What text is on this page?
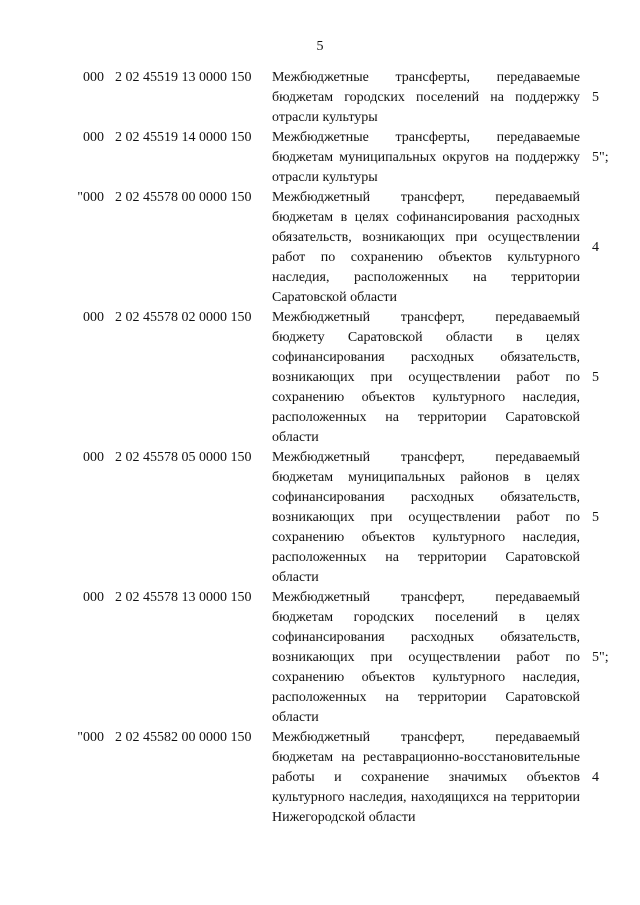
5
000 2 02 45519 13 0000 150 Межбюджетные трансферты, передаваемые бюджетам городских поселений на поддержку отрасли культуры
5
000 2 02 45519 14 0000 150 Межбюджетные трансферты, передаваемые бюджетам муниципальных округов на поддержку отрасли культуры
5";
"000 2 02 45578 00 0000 150 Межбюджетный трансферт, передаваемый бюджетам в целях софинансирования расходных обязательств, возникающих при осуществлении работ по сохранению объектов культурного наследия, расположенных на территории Саратовской области
4
000 2 02 45578 02 0000 150 Межбюджетный трансферт, передаваемый бюджету Саратовской области в целях софинансирования расходных обязательств, возникающих при осуществлении работ по сохранению объектов культурного наследия, расположенных на территории Саратовской области
5
000 2 02 45578 05 0000 150 Межбюджетный трансферт, передаваемый бюджетам муниципальных районов в целях софинансирования расходных обязательств, возникающих при осуществлении работ по сохранению объектов культурного наследия, расположенных на территории Саратовской области
5
000 2 02 45578 13 0000 150 Межбюджетный трансферт, передаваемый бюджетам городских поселений в целях софинансирования расходных обязательств, возникающих при осуществлении работ по сохранению объектов культурного наследия, расположенных на территории Саратовской области
5";
"000 2 02 45582 00 0000 150 Межбюджетный трансферт, передаваемый бюджетам на реставрационно-восстановительные работы и сохранение значимых объектов культурного наследия, находящихся на территории Нижегородской области
4
